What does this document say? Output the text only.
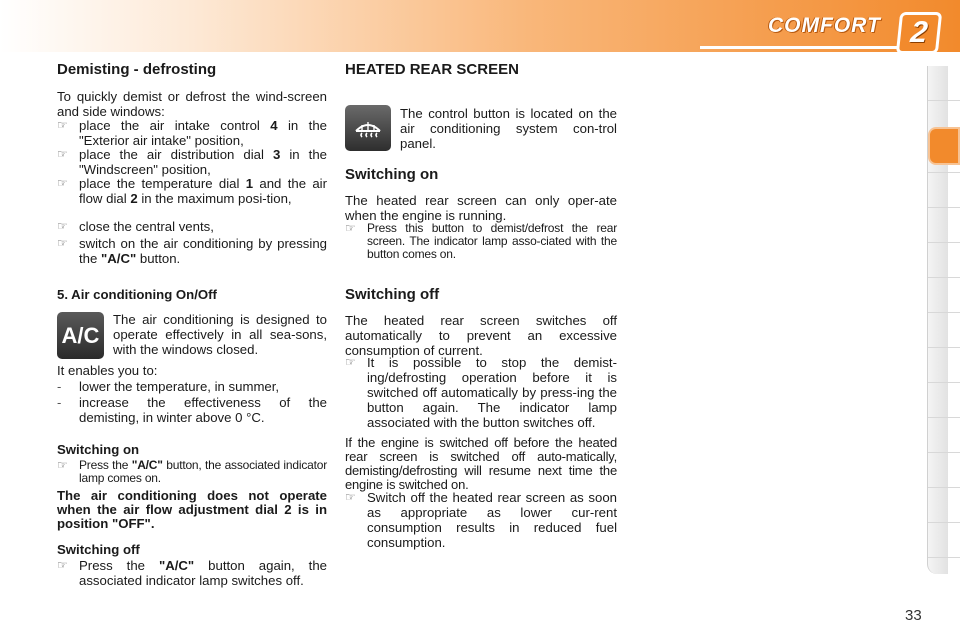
COMFORT 2
Demisting - defrosting

To quickly demist or defrost the wind-screen and side windows:

☞ place the air intake control 4 in the "Exterior air intake" position,
☞ place the air distribution dial 3 in the "Windscreen" position,
☞ place the temperature dial 1 and the air flow dial 2 in the maximum posi-tion,
☞ close the central vents,
☞ switch on the air conditioning by pressing the "A/C" button.
5. Air conditioning On/Off

The air conditioning is designed to operate effectively in all sea-sons, with the windows closed.

It enables you to:

- lower the temperature, in summer,
- increase the effectiveness of the demisting, in winter above 0 °C.
Switching on
☞ Press the "A/C" button, the associated indicator lamp comes on.

The air conditioning does not operate when the air flow adjustment dial 2 is in position "OFF".

Switching off
☞ Press the "A/C" button again, the associated indicator lamp switches off.
A/C
HEATED REAR SCREEN

The control button is located on the air conditioning system con-trol panel.

Switching on

The heated rear screen can only oper-ate when the engine is running.

☞ Press this button to demist/defrost the rear screen. The indicator lamp asso-ciated with the button comes on.
Switching off

The heated rear screen switches off automatically to prevent an excessive consumption of current.

☞ It is possible to stop the demist-ing/defrosting operation before it is switched off automatically by press-ing the button again. The indicator lamp associated with the button switches off.

If the engine is switched off before the heated rear screen is switched off auto-matically, demisting/defrosting will resume next time the engine is switched on.

☞ Switch off the heated rear screen as soon as appropriate as lower cur-rent consumption results in reduced fuel consumption.
33
